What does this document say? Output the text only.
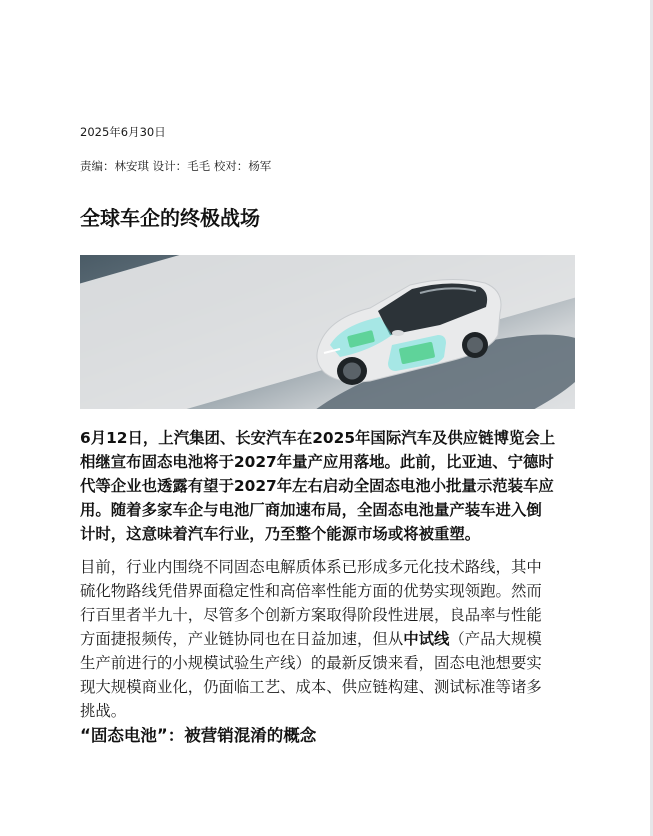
2025年6月30日
责编：林安琪 设计：毛毛 校对：杨军
全球车企的终极战场

6月12日，上汽集团、长安汽车在2025年国际汽车及供应链博览会上
相继宣布固态电池将于2027年量产应用落地。此前，比亚迪、宁德时
代等企业也透露有望于2027年左右启动全固态电池小批量示范装车应
用。随着多家车企与电池厂商加速布局，全固态电池量产装车进入倒
计时，这意味着汽车行业，乃至整个能源市场或将被重塑。

目前，行业内围绕不同固态电解质体系已形成多元化技术路线，其中
硫化物路线凭借界面稳定性和高倍率性能方面的优势实现领跑。然而
行百里者半九十，尽管多个创新方案取得阶段性进展，良品率与性能
方面捷报频传，产业链协同也在日益加速，但从中试线（产品大规模
生产前进行的小规模试验生产线）的最新反馈来看，固态电池想要实
现大规模商业化，仍面临工艺、成本、供应链构建、测试标准等诸多
挑战。

“固态电池”：被营销混淆的概念
